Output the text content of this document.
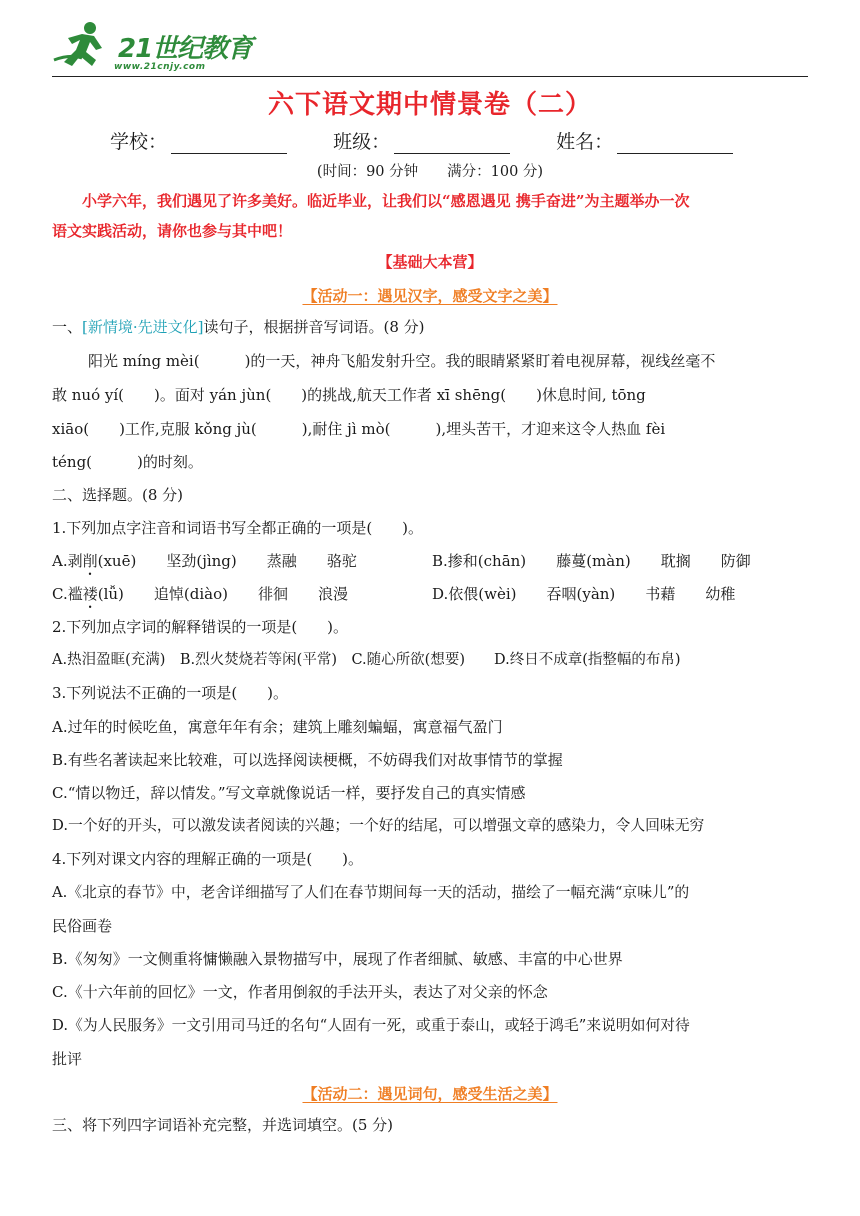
21世纪教育
www.21cnjy.com
六下语文期中情景卷（二）
学校：	班级：	姓名：
(时间：90 分钟　　满分：100 分)
小学六年，我们遇见了许多美好。临近毕业，让我们以“感恩遇见 携手奋进”为主题举办一次
语文实践活动，请你也参与其中吧！
【基础大本营】
【活动一：遇见汉字，感受文字之美】
一、[新情境·先进文化]读句子，根据拼音写词语。(8 分)
阳光 míng mèi(　　　)的一天，神舟飞船发射升空。我的眼睛紧紧盯着电视屏幕，视线丝毫不
敢 nuó yí(　　)。面对 yán jùn(　　)的挑战,航天工作者 xī shēng(　　)休息时间, tōng
xiāo(　　)工作,克服 kǒng jù(　　　),耐住 jì mò(　　　),埋头苦干，才迎来这令人热血 fèi
téng(　　　)的时刻。
二、选择题。(8 分)
1.下列加点字注音和词语书写全都正确的一项是(　　)。
A.剥削(xuē)　　 坚劲(jìng)　　 蒸融　　 骆驼	B.掺和(chān)　　 藤蔓(màn)　　 耽搁　　 防御
C.褴褛(lǚ)　　 追悼(diào)　　 徘徊　　 浪漫	D.依偎(wèi)　　 吞咽(yàn)　　 书藉　　 幼稚
2.下列加点字词的解释错误的一项是(　　)。
A.热泪盈眶(充满)　B.烈火焚烧若等闲(平常)　C.随心所欲(想要)　　D.终日不成章(指整幅的布帛)
3.下列说法不正确的一项是(　　)。
A.过年的时候吃鱼，寓意年年有余；建筑上雕刻蝙蝠，寓意福气盈门
B.有些名著读起来比较难，可以选择阅读梗概，不妨碍我们对故事情节的掌握
C.“情以物迁，辞以情发。”写文章就像说话一样，要抒发自己的真实情感
D.一个好的开头，可以激发读者阅读的兴趣；一个好的结尾，可以增强文章的感染力，令人回味无穷
4.下列对课文内容的理解正确的一项是(　　)。
A.《北京的春节》中，老舍详细描写了人们在春节期间每一天的活动，描绘了一幅充满“京味儿”的
民俗画卷
B.《匆匆》一文侧重将慵懒融入景物描写中，展现了作者细腻、敏感、丰富的中心世界
C.《十六年前的回忆》一文，作者用倒叙的手法开头，表达了对父亲的怀念
D.《为人民服务》一文引用司马迁的名句“人固有一死，或重于泰山，或轻于鸿毛”来说明如何对待
批评
【活动二：遇见词句，感受生活之美】
三、将下列四字词语补充完整，并选词填空。(5 分)
